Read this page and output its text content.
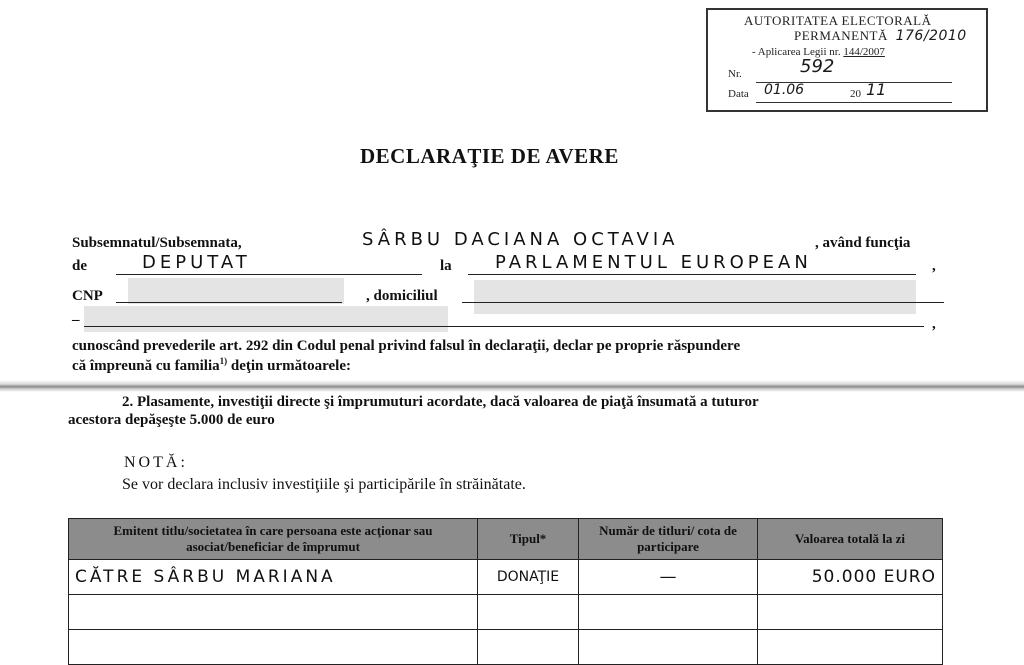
AUTORITATEA ELECTORALĂ
PERMANENTĂ 176/2010
- Aplicarea Legii nr. 144/2007
Nr.	592
Data 01.06	20 11
DECLARAŢIE DE AVERE
Subsemnatul/Subsemnata,	SÂRBU DACIANA OCTAVIA	, având funcţia
de	DEPUTAT	la PARLAMENTUL EUROPEAN	,
CNP	, domiciliul
–	,
cunoscând prevederile art. 292 din Codul penal privind falsul în declaraţii, declar pe proprie răspundere
că împreună cu familia$^{1)}$ deţin următoarele:
2. Plasamente, investiţii directe şi împrumuturi acordate, dacă valoarea de piaţă însumată a tuturor
acestora depăşeşte 5.000 de euro
NOTĂ:
Se vor declara inclusiv investiţiile şi participările în străinătate.
Emitent titlu/societatea în care persoana este acţionar sau asociat/beneficiar de împrumut	Tipul*	Număr de titluri/ cota de participare	Valoarea totală la zi
CĂTRE SÂRBU MARIANA	DONAŢIE	—	50.000 EURO
